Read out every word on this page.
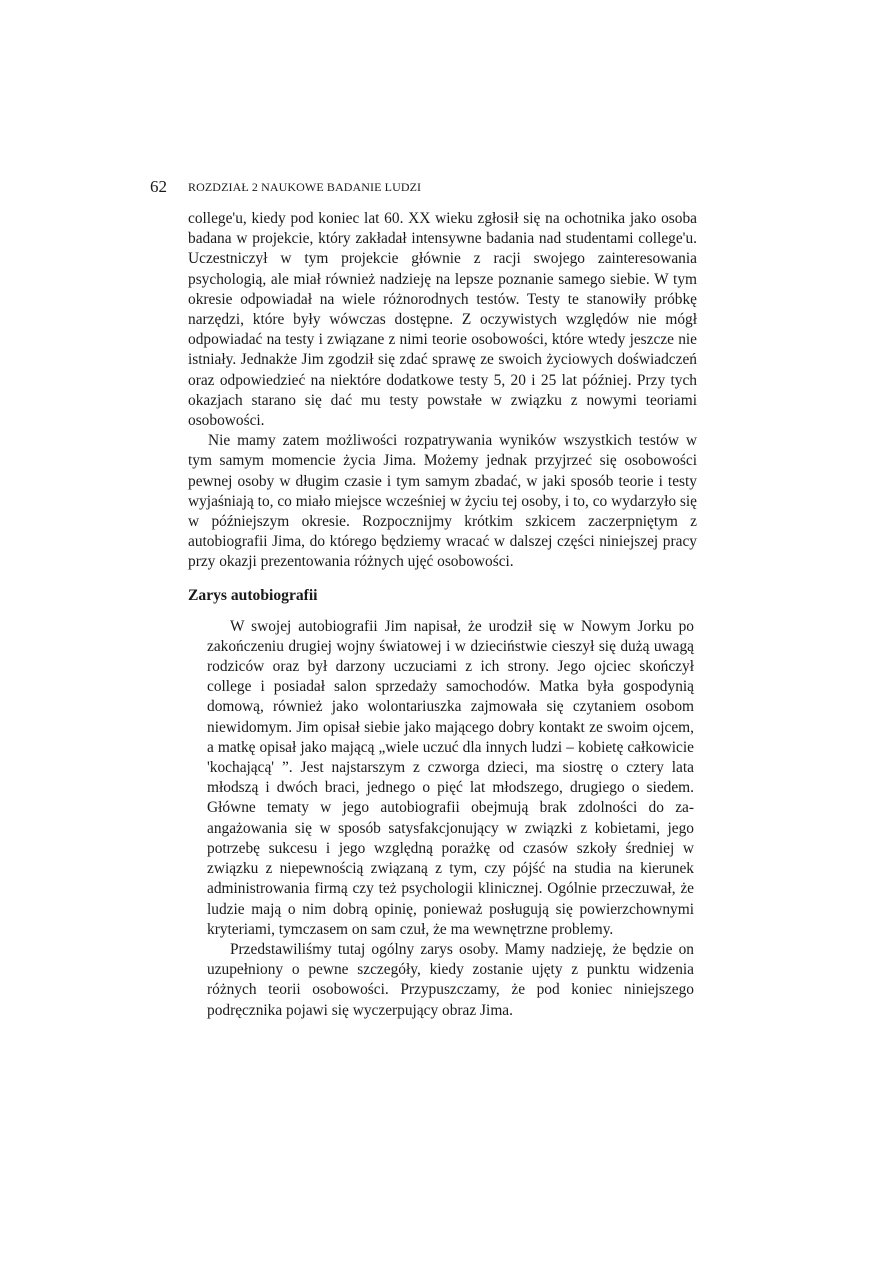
62 ROZDZIAŁ 2 NAUKOWE BADANIE LUDZI

college'u, kiedy pod koniec lat 60. XX wieku zgłosił się na ochotnika jako osoba badana w projekcie, który zakładał intensywne badania nad studentami college'u. Uczestniczył w tym projekcie głównie z racji swojego zainteresowania psychologią, ale miał również nadzieję na lepsze poznanie samego siebie. W tym okresie odpowiadał na wiele różnorodnych testów. Testy te stanowiły próbkę narzędzi, które były wówczas dostępne. Z oczywistych względów nie mógł odpowiadać na testy i związane z nimi teorie osobowości, które wtedy jeszcze nie istniały. Jednakże Jim zgodził się zdać sprawę ze swoich życiowych doświadczeń oraz odpowiedzieć na niektóre dodatkowe testy 5, 20 i 25 lat później. Przy tych okazjach starano się dać mu testy powstałe w związku z nowymi teoriami osobowości.

Nie mamy zatem możliwości rozpatrywania wyników wszystkich testów w tym samym momencie życia Jima. Możemy jednak przyjrzeć się osobowości pewnej osoby w długim czasie i tym samym zbadać, w jaki sposób teorie i testy wyjaśniają to, co miało miejsce wcześniej w życiu tej osoby, i to, co wydarzyło się w późniejszym okresie. Rozpocznijmy krótkim szkicem zaczerpniętym z autobiografii Jima, do którego będziemy wracać w dalszej części niniejszej pracy przy okazji prezentowania różnych ujęć osobowości.

Zarys autobiografii

W swojej autobiografii Jim napisał, że urodził się w Nowym Jorku po zakończeniu drugiej wojny światowej i w dzieciństwie cieszył się dużą uwagą rodziców oraz był darzony uczuciami z ich strony. Jego ojciec skończył college i posiadał salon sprzedaży samochodów. Matka była gospodynią domową, również jako wolontariuszka zajmowała się czytaniem osobom niewidomym. Jim opisał siebie jako mającego dobry kontakt ze swoim ojcem, a matkę opisał jako mającą „wiele uczuć dla innych ludzi – kobietę całkowicie 'kochającą' ”. Jest najstarszym z czworga dzieci, ma siostrę o cztery lata młodszą i dwóch braci, jednego o pięć lat młodszego, drugiego o siedem. Główne tematy w jego autobiografii obejmują brak zdolności do zaangażowania się w sposób satysfakcjonujący w związki z kobietami, jego potrzebę sukcesu i jego względną porażkę od czasów szkoły średniej w związku z niepewnością związaną z tym, czy pójść na studia na kierunek administrowania firmą czy też psychologii klinicznej. Ogólnie przeczuwał, że ludzie mają o nim dobrą opinię, ponieważ posługują się powierzchownymi kryteriami, tymczasem on sam czuł, że ma wewnętrzne problemy.

Przedstawiliśmy tutaj ogólny zarys osoby. Mamy nadzieję, że będzie on uzupełniony o pewne szczegóły, kiedy zostanie ujęty z punktu widzenia różnych teorii osobowości. Przypuszczamy, że pod koniec niniejszego podręcznika pojawi się wyczerpujący obraz Jima.
